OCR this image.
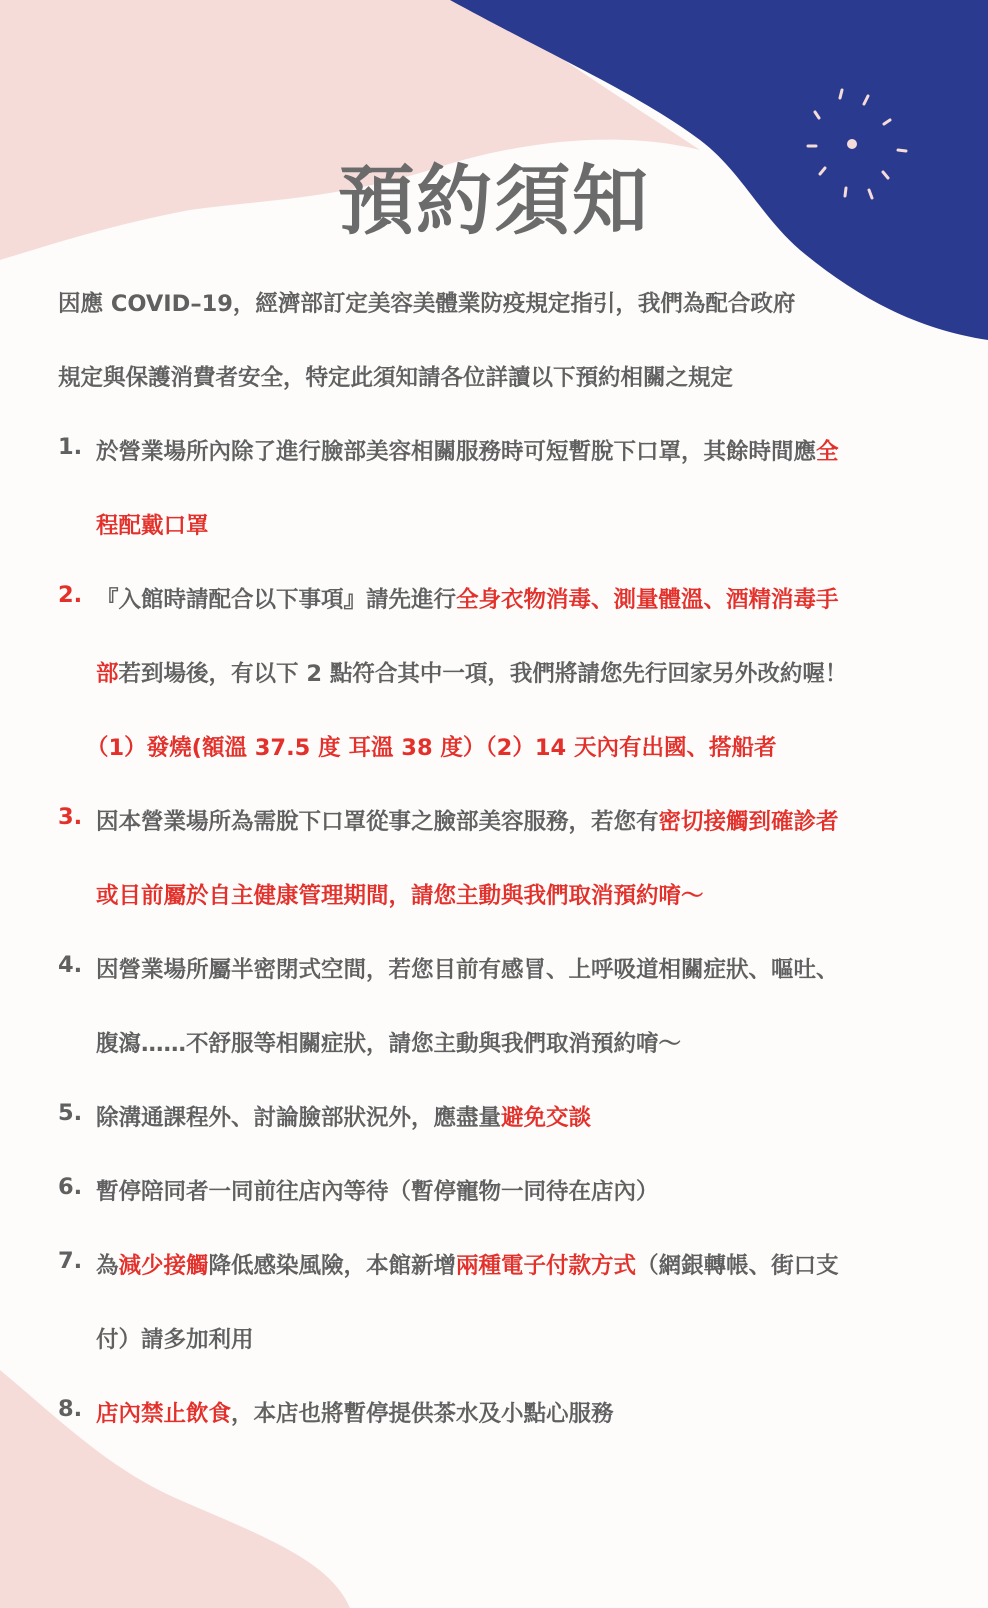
預約須知
因應 COVID–19，經濟部訂定美容美體業防疫規定指引，我們為配合政府
規定與保護消費者安全，特定此須知請各位詳讀以下預約相關之規定
1. 於營業場所內除了進行臉部美容相關服務時可短暫脫下口罩，其餘時間應全
程配戴口罩
2. 『入館時請配合以下事項』請先進行全身衣物消毒、測量體溫、酒精消毒手
部若到場後，有以下 2 點符合其中一項，我們將請您先行回家另外改約喔！
（1）發燒(額溫 37.5 度 耳溫 38 度）（2）14 天內有出國、搭船者
3. 因本營業場所為需脫下口罩從事之臉部美容服務，若您有密切接觸到確診者
或目前屬於自主健康管理期間，請您主動與我們取消預約唷～
4. 因營業場所屬半密閉式空間，若您目前有感冒、上呼吸道相關症狀、嘔吐、
腹瀉……不舒服等相關症狀，請您主動與我們取消預約唷～
5. 除溝通課程外、討論臉部狀況外，應盡量避免交談
6. 暫停陪同者一同前往店內等待（暫停寵物一同待在店內）
7. 為減少接觸降低感染風險，本館新增兩種電子付款方式（網銀轉帳、街口支
付）請多加利用
8. 店內禁止飲食，本店也將暫停提供茶水及小點心服務
